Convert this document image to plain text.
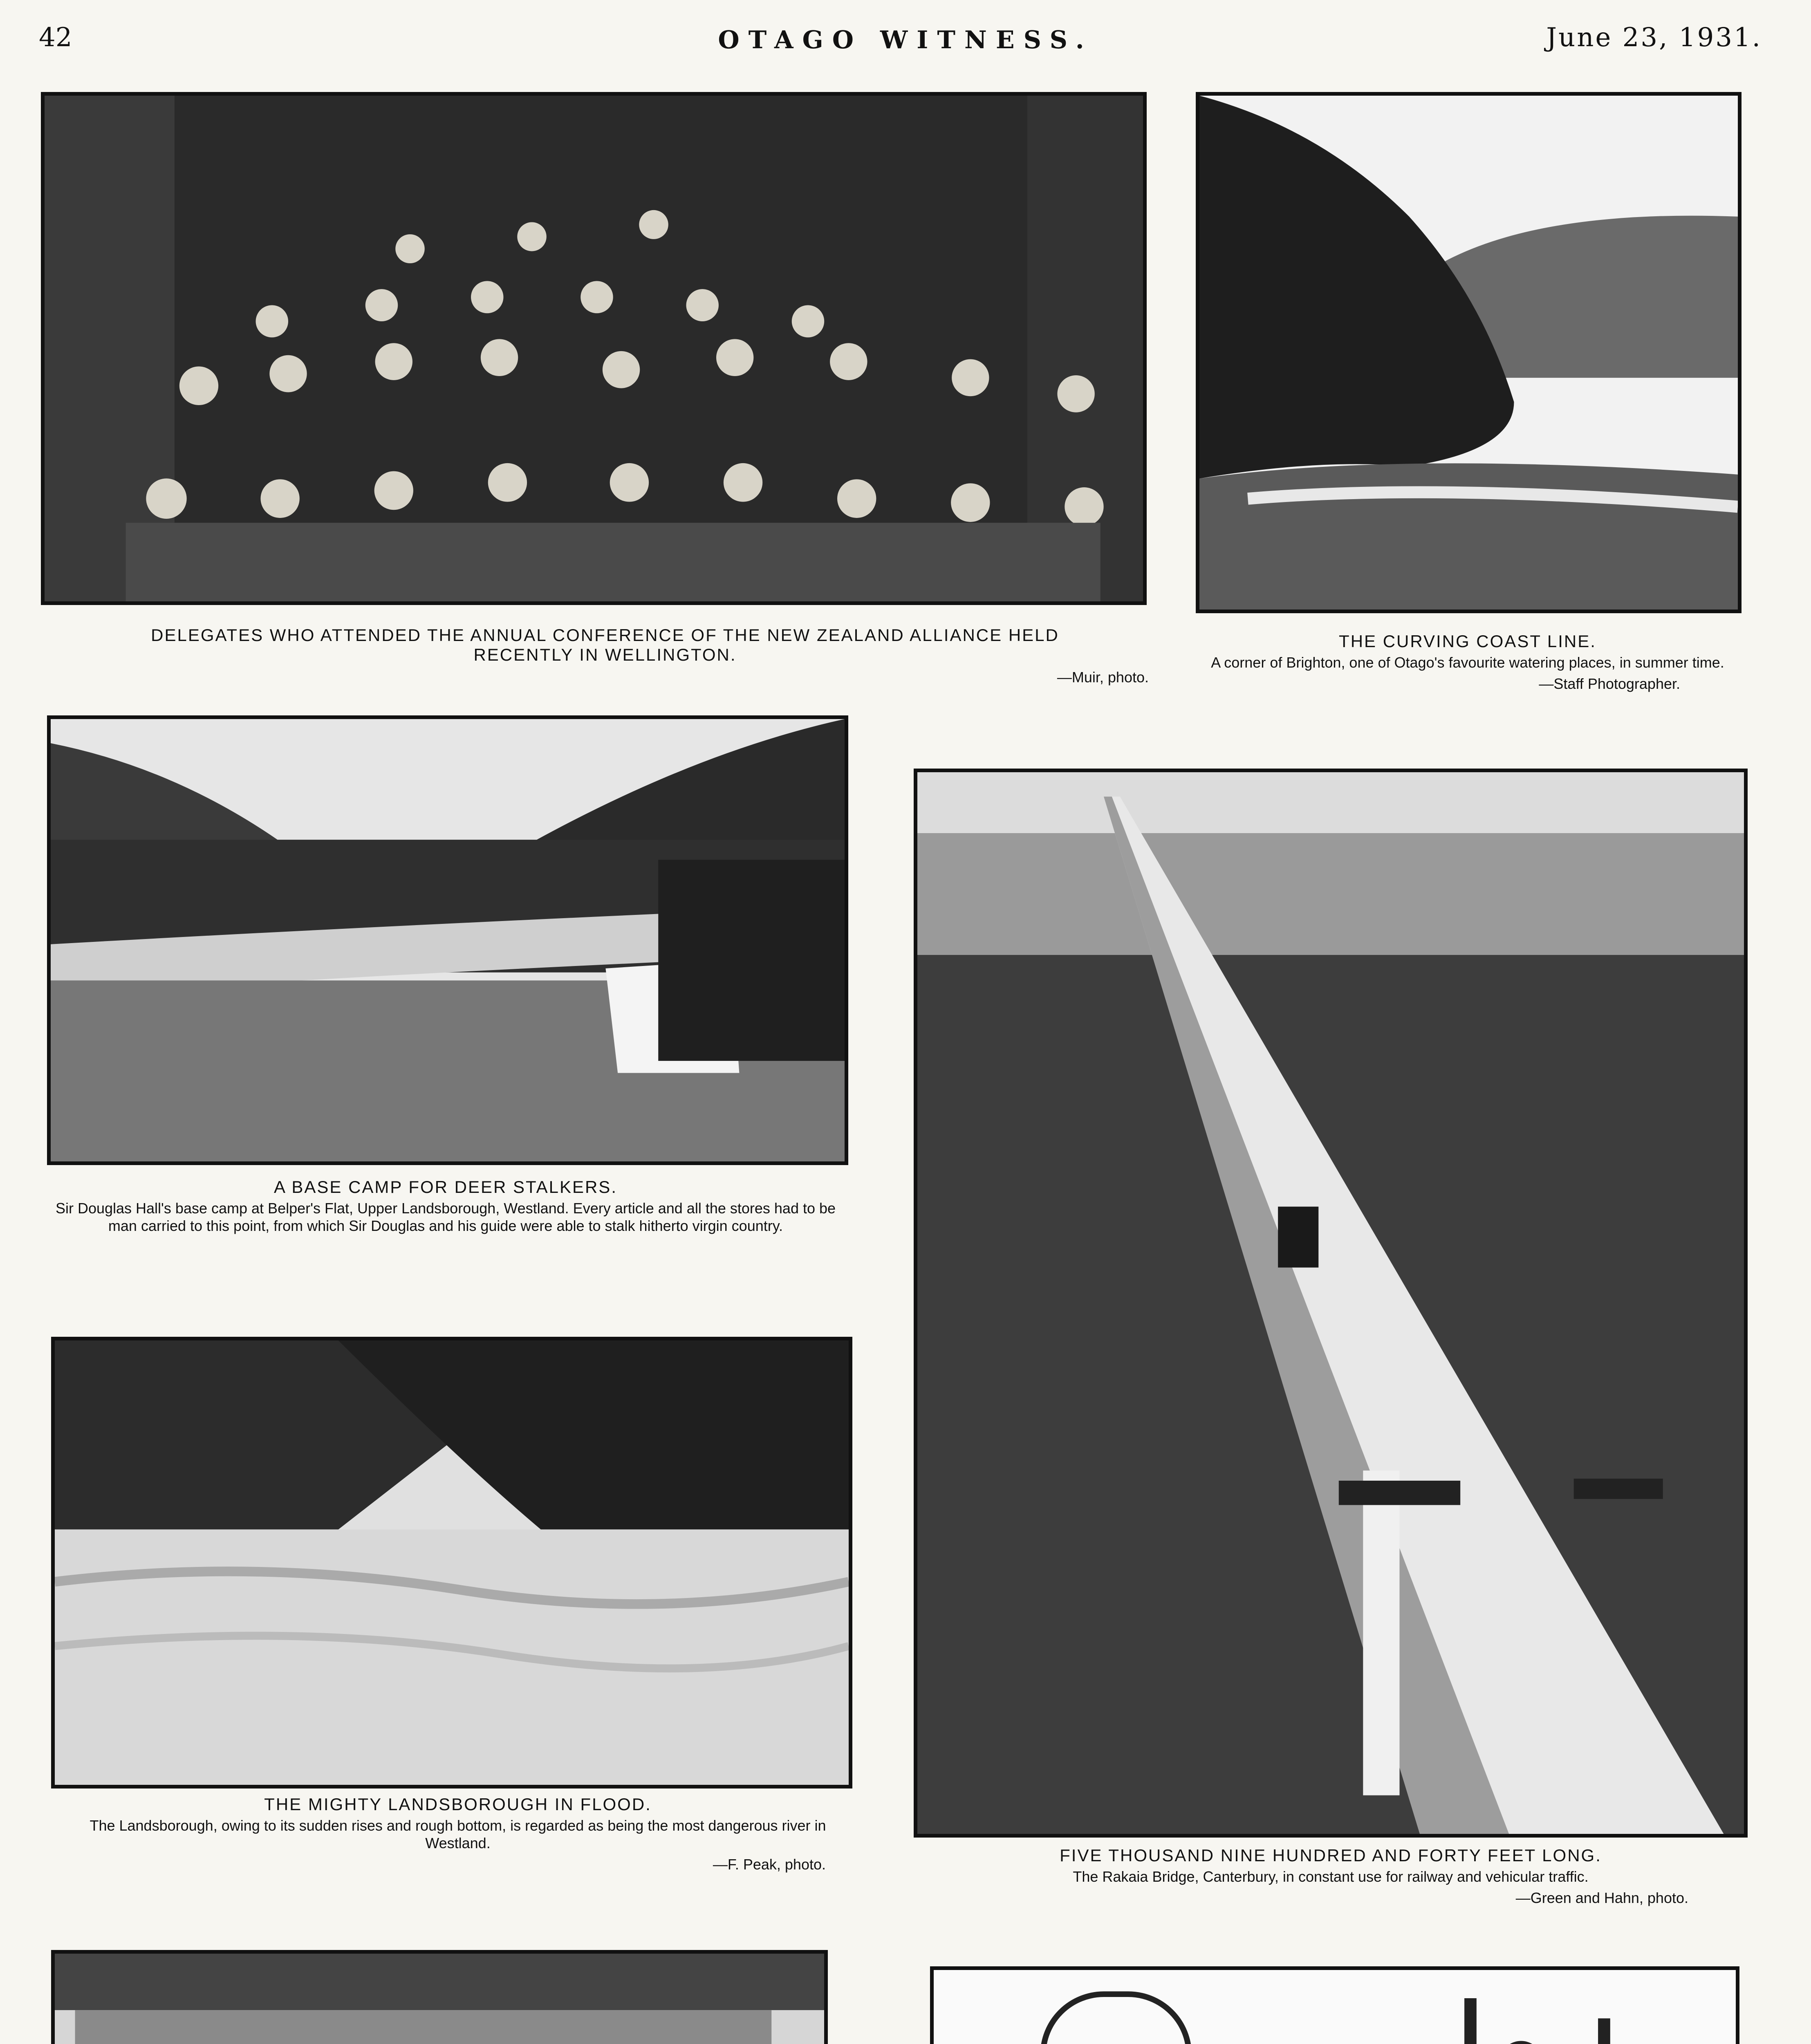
42	OTAGO WITNESS.	June 23, 1931.
DELEGATES WHO ATTENDED THE ANNUAL CONFERENCE OF THE NEW ZEALAND ALLIANCE HELD RECENTLY IN WELLINGTON.
—Muir, photo.
THE CURVING COAST LINE.
A corner of Brighton, one of Otago's favourite watering places, in summer time.
—Staff Photographer.
A BASE CAMP FOR DEER STALKERS.
Sir Douglas Hall's base camp at Belper's Flat, Upper Landsborough, Westland. Every article and all the stores had to be man carried to this point, from which Sir Douglas and his guide were able to stalk hitherto virgin country.
FIVE THOUSAND NINE HUNDRED AND FORTY FEET LONG.
The Rakaia Bridge, Canterbury, in constant use for railway and vehicular traffic.
—Green and Hahn, photo.
THE MIGHTY LANDSBOROUGH IN FLOOD.
The Landsborough, owing to its sudden rises and rough bottom, is regarded as being the most dangerous river in Westland.
—F. Peak, photo.
